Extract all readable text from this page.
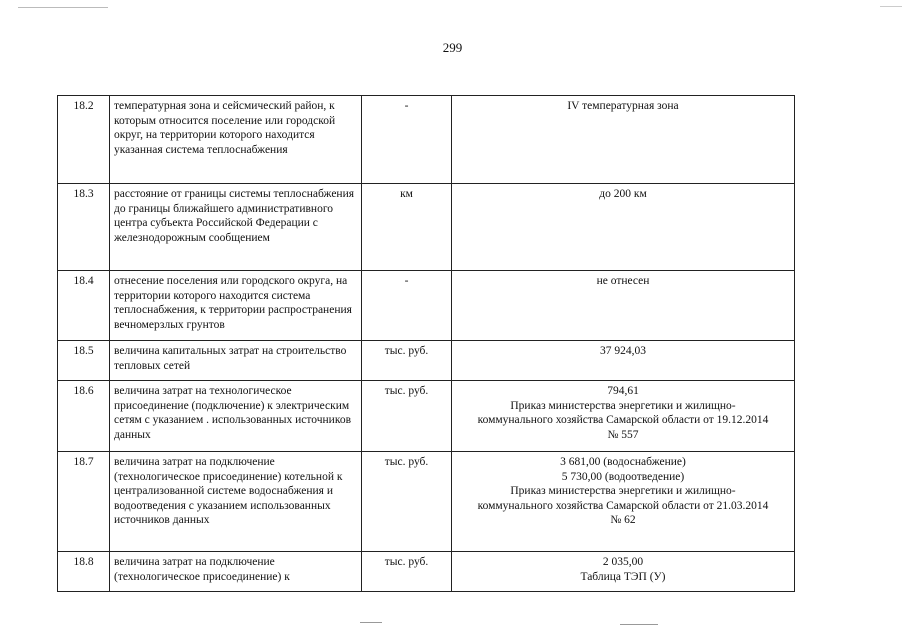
299
18.2	температурная зона и сейсмический район, к которым относится поселение или городской округ, на территории которого находится указанная система теплоснабжения	-	IV температурная зона

18.3	расстояние от границы системы теплоснабжения до границы ближайшего административного центра субъекта Российской Федерации с железнодорожным сообщением	км	до 200 км

18.4	отнесение поселения или городского округа, на территории которого находится система теплоснабжения, к территории распространения вечномерзлых грунтов	-	не отнесен

18.5	величина капитальных затрат на строительство тепловых сетей	тыс. руб.	37 924,03

18.6	величина затрат на технологическое присоединение (подключение) к электрическим сетям с указанием . использованных источников данных	тыс. руб.	794,61
Приказ министерства энергетики и жилищно-
коммунального хозяйства Самарской области от 19.12.2014
№ 557

18.7	величина затрат на подключение (технологическое присоединение) котельной к централизованной системе водоснабжения и водоотведения с указанием использованных источников данных	тыс. руб.	3 681,00 (водоснабжение)
5 730,00 (водоотведение)
Приказ министерства энергетики и жилищно-
коммунального хозяйства Самарской области от 21.03.2014
№ 62

18.8	величина затрат на подключение (технологическое присоединение) к	тыс. руб.	2 035,00
Таблица ТЭП (У)
